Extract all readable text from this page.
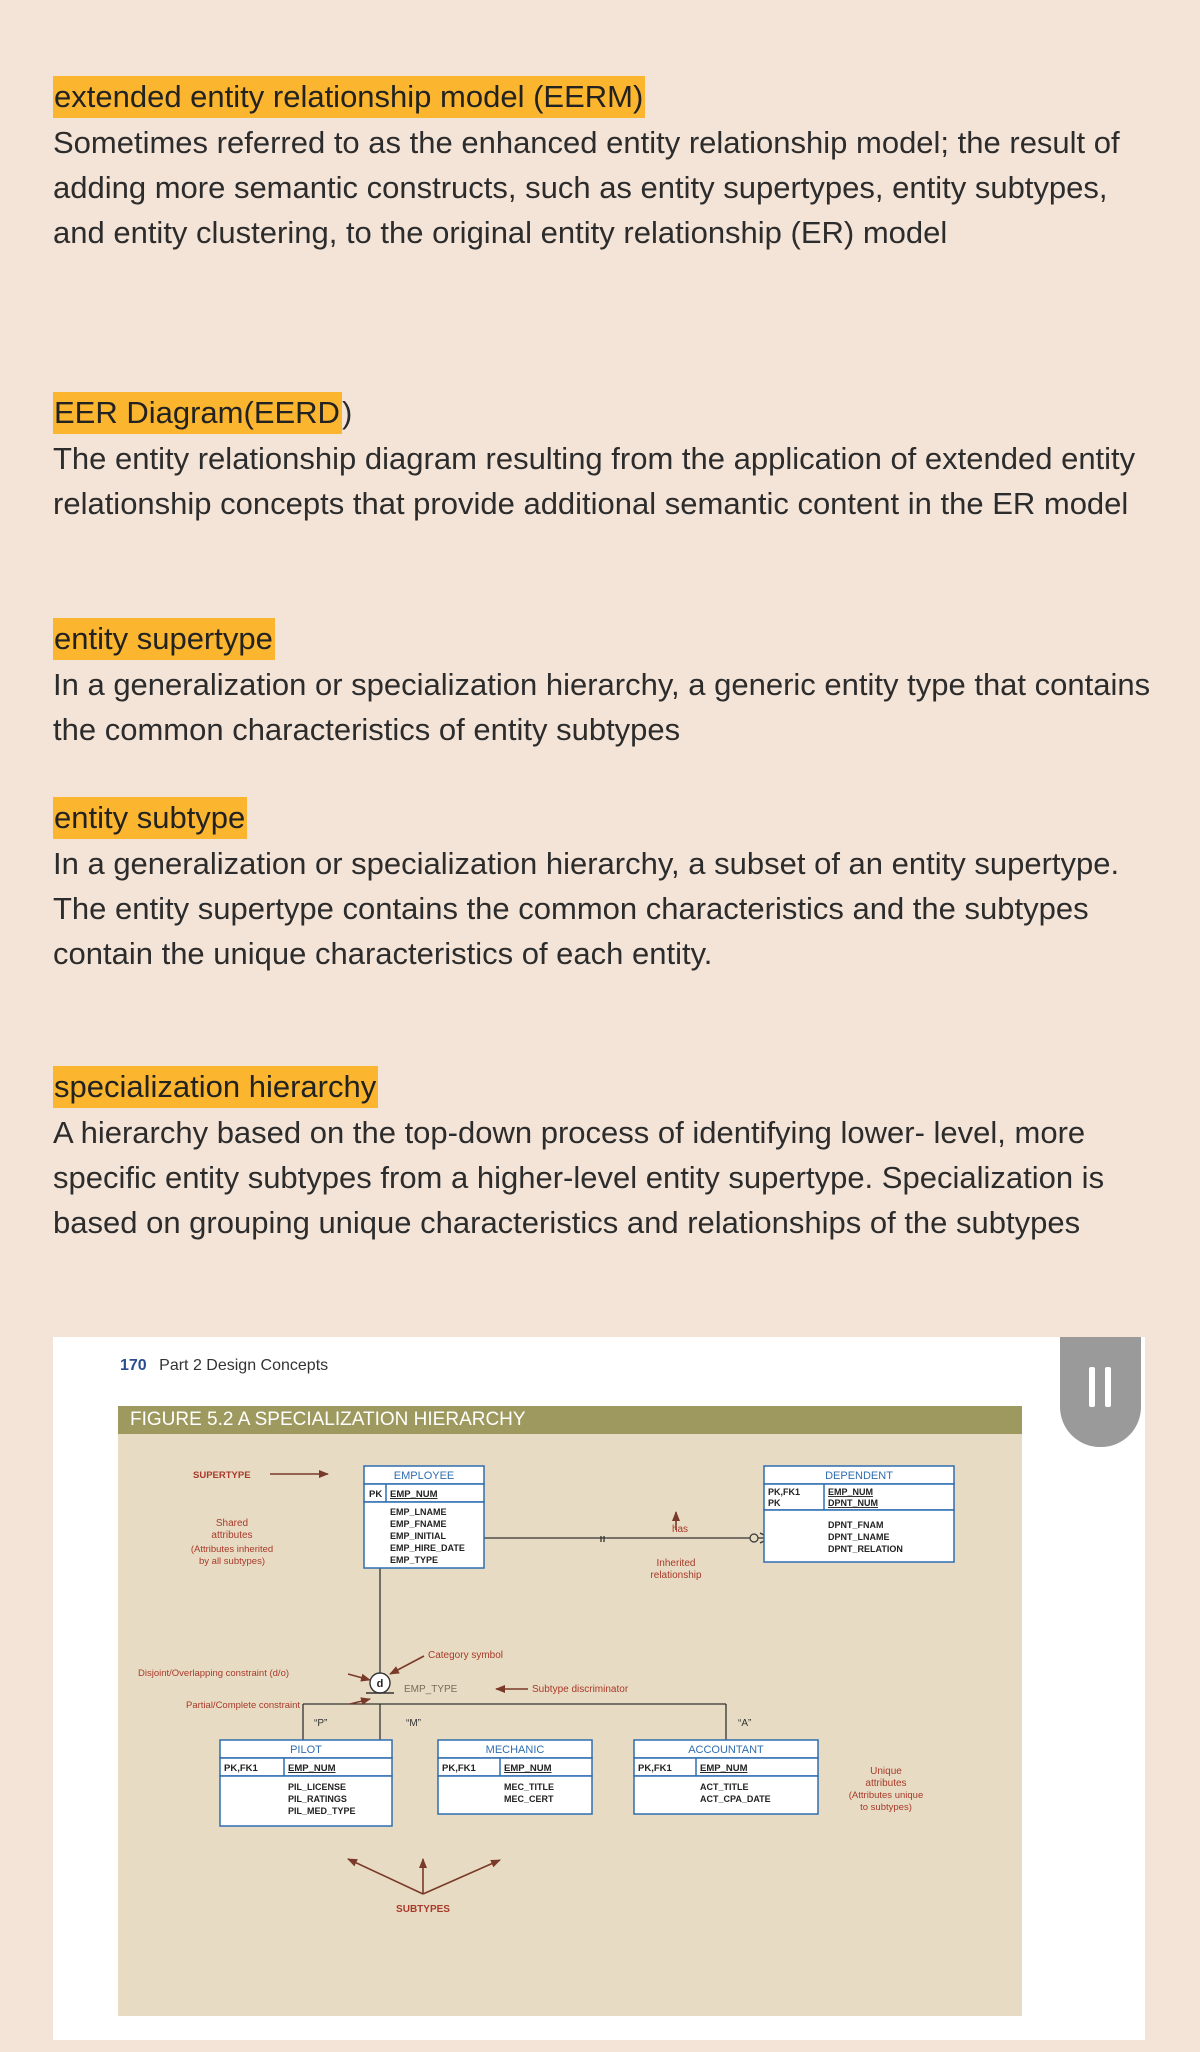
extended entity relationship model (EERM)
Sometimes referred to as the enhanced entity relationship model; the result of adding more semantic constructs, such as entity supertypes, entity subtypes, and entity clustering, to the original entity relationship (ER) model
EER Diagram(EERD)
The entity relationship diagram resulting from the application of extended entity relationship concepts that provide additional semantic content in the ER model
entity supertype
In a generalization or specialization hierarchy, a generic entity type that contains the common characteristics of entity subtypes
entity subtype
In a generalization or specialization hierarchy, a subset of an entity supertype. The entity supertype contains the common characteristics and the subtypes contain the unique characteristics of each entity.
specialization hierarchy
A hierarchy based on the top-down process of identifying lower- level, more specific entity subtypes from a higher-level entity supertype. Specialization is based on grouping unique characteristics and relationships of the subtypes
170 Part 2 Design Concepts
FIGURE 5.2 A SPECIALIZATION HIERARCHY
EMPLOYEE
PK EMP_NUM
EMP_LNAME
EMP_FNAME
EMP_INITIAL
EMP_HIRE_DATE
EMP_TYPE
DEPENDENT
PK,FK1
PK
EMP_NUM
DPNT_NUM
DPNT_FNAM
DPNT_LNAME
DPNT_RELATION
PILOT
PK,FK1	EMP_NUM
PIL_LICENSE
PIL_RATINGS
PIL_MED_TYPE
MECHANIC
PK,FK1	EMP_NUM
MEC_TITLE
MEC_CERT
ACCOUNTANT
PK,FK1	EMP_NUM
ACT_TITLE
ACT_CPA_DATE
d
SUPERTYPE
Shared
attributes
(Attributes inherited
by all subtypes)
has
Inherited
relationship
Category symbol
Disjoint/Overlapping constraint (d/o)
Partial/Complete constraint
EMP_TYPE	Subtype discriminator
“P”	“M”	“A”
Unique
attributes
(Attributes unique
to subtypes)
SUBTYPES
